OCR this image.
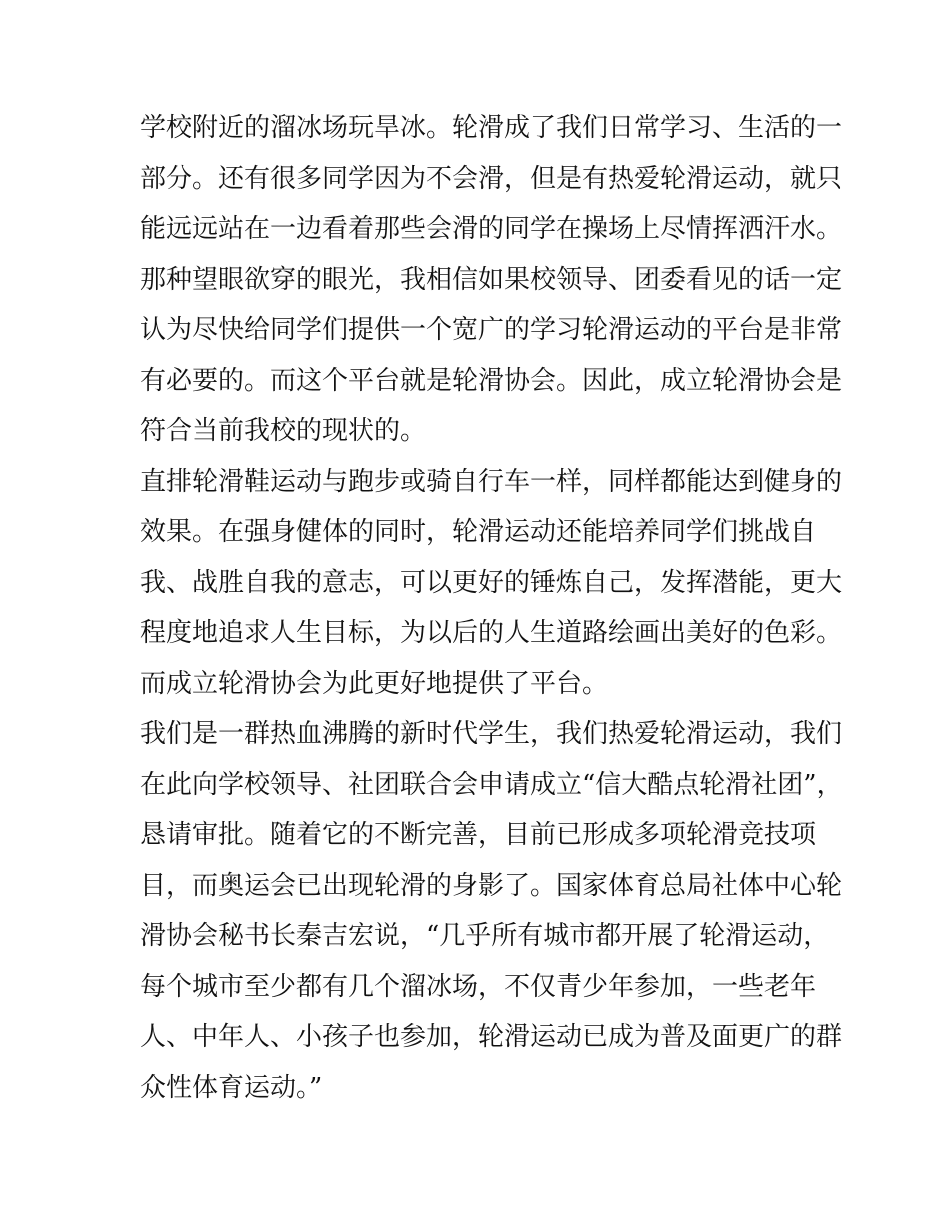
学校附近的溜冰场玩旱冰。轮滑成了我们日常学习、生活的一
部分。还有很多同学因为不会滑，但是有热爱轮滑运动，就只
能远远站在一边看着那些会滑的同学在操场上尽情挥洒汗水。
那种望眼欲穿的眼光，我相信如果校领导、团委看见的话一定
认为尽快给同学们提供一个宽广的学习轮滑运动的平台是非常
有必要的。而这个平台就是轮滑协会。因此，成立轮滑协会是
符合当前我校的现状的。
直排轮滑鞋运动与跑步或骑自行车一样，同样都能达到健身的
效果。在强身健体的同时，轮滑运动还能培养同学们挑战自
我、战胜自我的意志，可以更好的锤炼自己，发挥潜能，更大
程度地追求人生目标，为以后的人生道路绘画出美好的色彩。
而成立轮滑协会为此更好地提供了平台。
我们是一群热血沸腾的新时代学生，我们热爱轮滑运动，我们
在此向学校领导、社团联合会申请成立“信大酷点轮滑社团”，
恳请审批。随着它的不断完善，目前已形成多项轮滑竞技项
目，而奥运会已出现轮滑的身影了。国家体育总局社体中心轮
滑协会秘书长秦吉宏说，“几乎所有城市都开展了轮滑运动，
每个城市至少都有几个溜冰场，不仅青少年参加，一些老年
人、中年人、小孩子也参加，轮滑运动已成为普及面更广的群
众性体育运动。”
